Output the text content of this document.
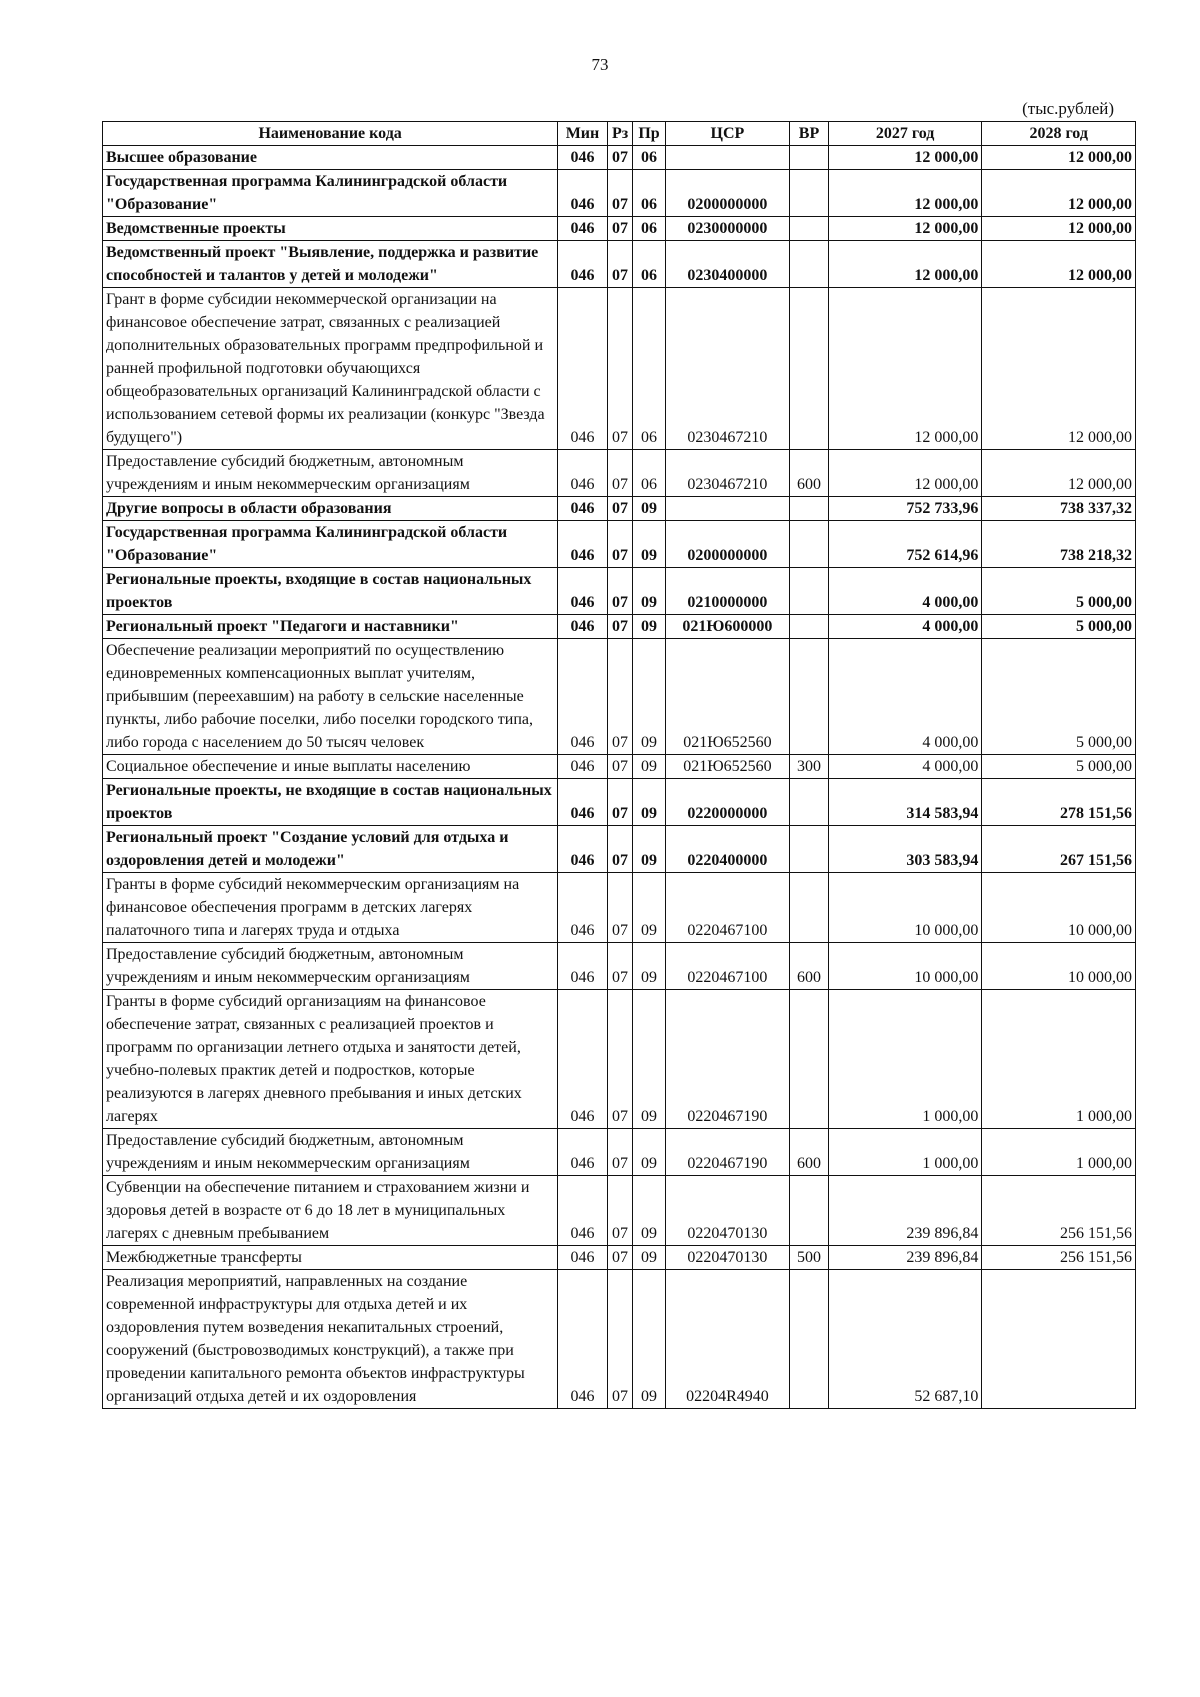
73
(тыс.рублей)
Наименование кода	Мин	Рз	Пр	ЦСР	ВР	2027 год	2028 год
Высшее образование	046	07	06			12 000,00	12 000,00
Государственная программа Калининградской области "Образование"	046	07	06	0200000000		12 000,00	12 000,00
Ведомственные проекты	046	07	06	0230000000		12 000,00	12 000,00
Ведомственный проект "Выявление, поддержка и развитие способностей и талантов у детей и молодежи"	046	07	06	0230400000		12 000,00	12 000,00
Грант в форме субсидии некоммерческой организации на финансовое обеспечение затрат, связанных с реализацией дополнительных образовательных программ предпрофильной и ранней профильной подготовки обучающихся общеобразовательных организаций Калининградской области с использованием сетевой формы их реализации (конкурс "Звезда будущего")	046	07	06	0230467210		12 000,00	12 000,00
Предоставление субсидий бюджетным, автономным учреждениям и иным некоммерческим организациям	046	07	06	0230467210	600	12 000,00	12 000,00
Другие вопросы в области образования	046	07	09			752 733,96	738 337,32
Государственная программа Калининградской области "Образование"	046	07	09	0200000000		752 614,96	738 218,32
Региональные проекты, входящие в состав национальных проектов	046	07	09	0210000000		4 000,00	5 000,00
Региональный проект "Педагоги и наставники"	046	07	09	021Ю600000		4 000,00	5 000,00
Обеспечение реализации мероприятий по осуществлению единовременных компенсационных выплат учителям, прибывшим (переехавшим) на работу в сельские населенные пункты, либо рабочие поселки, либо поселки городского типа, либо города с населением до 50 тысяч человек	046	07	09	021Ю652560		4 000,00	5 000,00
Социальное обеспечение и иные выплаты населению	046	07	09	021Ю652560	300	4 000,00	5 000,00
Региональные проекты, не входящие в состав национальных проектов	046	07	09	0220000000		314 583,94	278 151,56
Региональный проект "Создание условий для отдыха и оздоровления детей и молодежи"	046	07	09	0220400000		303 583,94	267 151,56
Гранты в форме субсидий некоммерческим организациям на финансовое обеспечения программ в детских лагерях палаточного типа и лагерях труда и отдыха	046	07	09	0220467100		10 000,00	10 000,00
Предоставление субсидий бюджетным, автономным учреждениям и иным некоммерческим организациям	046	07	09	0220467100	600	10 000,00	10 000,00
Гранты в форме субсидий организациям на финансовое обеспечение затрат, связанных с реализацией проектов и программ по организации летнего отдыха и занятости детей, учебно-полевых практик детей и подростков, которые реализуются в лагерях дневного пребывания и иных детских лагерях	046	07	09	0220467190		1 000,00	1 000,00
Предоставление субсидий бюджетным, автономным учреждениям и иным некоммерческим организациям	046	07	09	0220467190	600	1 000,00	1 000,00
Субвенции на обеспечение питанием и страхованием жизни и здоровья детей в возрасте от 6 до 18 лет в муниципальных лагерях с дневным пребыванием	046	07	09	0220470130		239 896,84	256 151,56
Межбюджетные трансферты	046	07	09	0220470130	500	239 896,84	256 151,56
Реализация мероприятий, направленных на создание современной инфраструктуры для отдыха детей и их оздоровления путем возведения некапитальных строений, сооружений (быстровозводимых конструкций), а также при проведении капитального ремонта объектов инфраструктуры организаций отдыха детей и их оздоровления	046	07	09	02204R4940		52 687,10	
